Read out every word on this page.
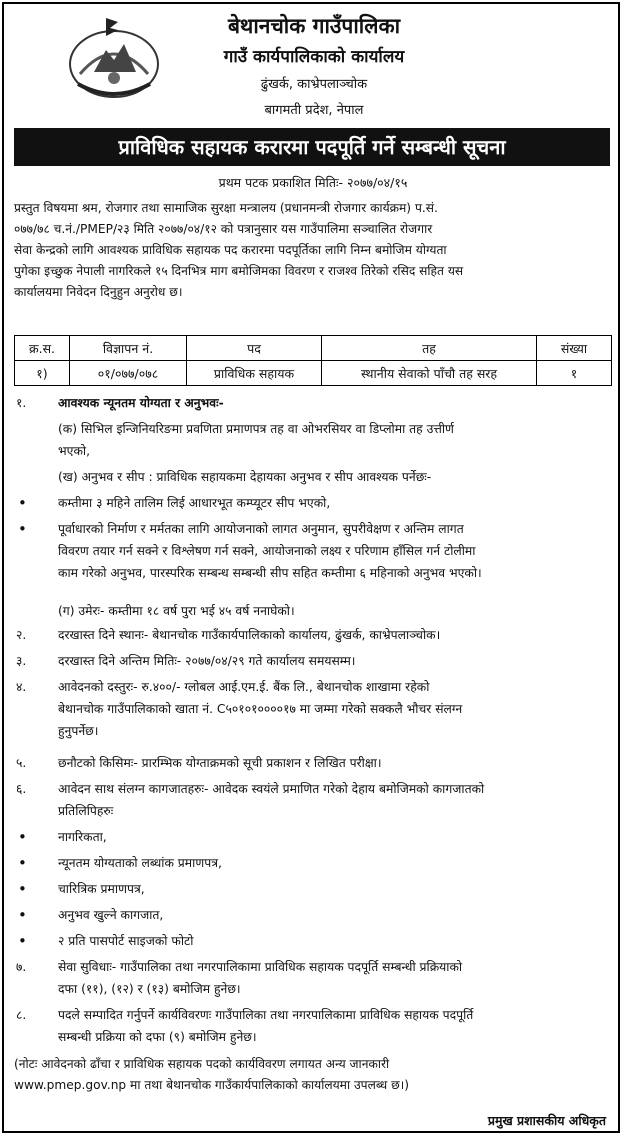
बेथानचोक गाउँपालिका
गाउँ कार्यपालिकाको कार्यालय
ढुंखर्क, काभ्रेपलाञ्चोक
बागमती प्रदेश, नेपाल
प्राविधिक सहायक करारमा पदपूर्ति गर्ने सम्बन्धी सूचना
प्रथम पटक प्रकाशित मितिः- २०७७/०४/१५
प्रस्तुत विषयमा श्रम, रोजगार तथा सामाजिक सुरक्षा मन्त्रालय (प्रधानमन्त्री रोजगार कार्यक्रम) प.सं.
०७७/७८ च.नं./PMEP/२३ मिति २०७७/०४/१२ को पत्रानुसार यस गाउँपालिमा सञ्चालित रोजगार
सेवा केन्द्रको लागि आवश्यक प्राविधिक सहायक पद करारमा पदपूर्तिका लागि निम्न बमोजिम योग्यता
पुगेका इच्छुक नेपाली नागरिकले १५ दिनभित्र माग बमोजिमका विवरण र राजश्व तिरेको रसिद सहित यस
कार्यालयमा निवेदन दिनुहुन अनुरोध छ।
क्र.स.	विज्ञापन नं.	पद	तह	संख्या
१)	०१/०७७/०७८	प्राविधिक सहायक	स्थानीय सेवाको पाँचौ तह सरह	१
१.	आवश्यक न्यूनतम योग्यता र अनुभवः-
(क) सिभिल इन्जिनियरिङमा प्रवणिता प्रमाणपत्र तह वा ओभरसियर वा डिप्लोमा तह उत्तीर्ण
भएको,
(ख) अनुभव र सीप : प्राविधिक सहायकमा देहायका अनुभव र सीप आवश्यक पर्नेछः-
•	कम्तीमा ३ महिने तालिम लिई आधारभूत कम्प्यूटर सीप भएको,
•	पूर्वाधारको निर्माण र मर्मतका लागि आयोजनाको लागत अनुमान, सुपरीवेक्षण र अन्तिम लागत
विवरण तयार गर्न सक्ने र विश्लेषण गर्न सक्ने, आयोजनाको लक्ष्य र परिणाम हाँसिल गर्न टोलीमा
काम गरेको अनुभव, पारस्परिक सम्बन्ध सम्बन्धी सीप सहित कम्तीमा ६ महिनाको अनुभव भएको।
(ग) उमेरः- कम्तीमा १८ वर्ष पुरा भई ४५ वर्ष ननाघेको।
२.	दरखास्त दिने स्थानः- बेथानचोक गाउँकार्यपालिकाको कार्यालय, ढुंखर्क, काभ्रेपलाञ्चोक।
३.	दरखास्त दिने अन्तिम मितिः- २०७७/०४/२९ गते कार्यालय समयसम्म।
४.	आवेदनको दस्तुरः- रु.४००/- ग्लोबल आई.एम.ई. बैंक लि., बेथानचोक शाखामा रहेको
बेथानचोक गाउँपालिकाको खाता नं. C५०१०१००००१७ मा जम्मा गरेको सक्कलै भौचर संलग्न
हुनुपर्नेछ।
५.	छनौटको किसिमः- प्रारम्भिक योग्ताक्रमको सूची प्रकाशन र लिखित परीक्षा।
६.	आवेदन साथ संलग्न कागजातहरुः- आवेदक स्वयंले प्रमाणित गरेको देहाय बमोजिमको कागजातको
प्रतिलिपिहरुः
•	नागरिकता,
•	न्यूनतम योग्यताको लब्धांक प्रमाणपत्र,
•	चारित्रिक प्रमाणपत्र,
•	अनुभव खुल्ने कागजात,
•	२ प्रति पासपोर्ट साइजको फोटो
७.	सेवा सुविधाः- गाउँपालिका तथा नगरपालिकामा प्राविधिक सहायक पदपूर्ति सम्बन्धी प्रक्रियाको
दफा (११), (१२) र (१३) बमोजिम हुनेछ।
८.	पदले सम्पादित गर्नुपर्ने कार्यविवरणः गाउँपालिका तथा नगरपालिकामा प्राविधिक सहायक पदपूर्ति
सम्बन्धी प्रक्रिया को दफा (९) बमोजिम हुनेछ।
(नोटः आवेदनको ढाँचा र प्राविधिक सहायक पदको कार्यविवरण लगायत अन्य जानकारी
www.pmep.gov.np मा तथा बेथानचोक गाउँकार्यपालिकाको कार्यालयमा उपलब्ध छ।)
प्रमुख प्रशासकीय अधिकृत
